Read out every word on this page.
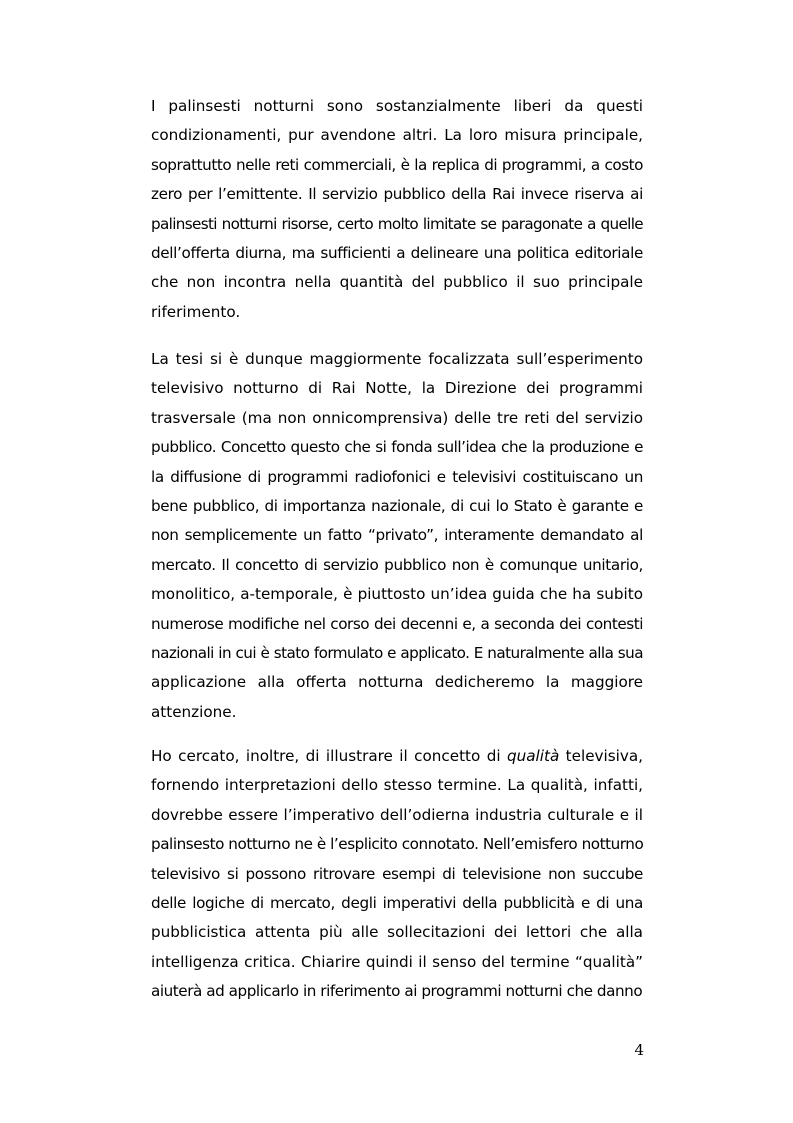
I palinsesti notturni sono sostanzialmente liberi da questi
condizionamenti, pur avendone altri. La loro misura principale,
soprattutto nelle reti commerciali, è la replica di programmi, a costo
zero per l’emittente. Il servizio pubblico della Rai invece riserva ai
palinsesti notturni risorse, certo molto limitate se paragonate a quelle
dell’offerta diurna, ma sufficienti a delineare una politica editoriale
che non incontra nella quantità del pubblico il suo principale
riferimento.
La tesi si è dunque maggiormente focalizzata sull’esperimento
televisivo notturno di Rai Notte, la Direzione dei programmi
trasversale (ma non onnicomprensiva) delle tre reti del servizio
pubblico. Concetto questo che si fonda sull’idea che la produzione e
la diffusione di programmi radiofonici e televisivi costituiscano un
bene pubblico, di importanza nazionale, di cui lo Stato è garante e
non semplicemente un fatto “privato”, interamente demandato al
mercato. Il concetto di servizio pubblico non è comunque unitario,
monolitico, a-temporale, è piuttosto un’idea guida che ha subito
numerose modifiche nel corso dei decenni e, a seconda dei contesti
nazionali in cui è stato formulato e applicato. E naturalmente alla sua
applicazione alla offerta notturna dedicheremo la maggiore
attenzione.
Ho cercato, inoltre, di illustrare il concetto di qualità televisiva,
fornendo interpretazioni dello stesso termine. La qualità, infatti,
dovrebbe essere l’imperativo dell’odierna industria culturale e il
palinsesto notturno ne è l’esplicito connotato. Nell’emisfero notturno
televisivo si possono ritrovare esempi di televisione non succube
delle logiche di mercato, degli imperativi della pubblicità e di una
pubblicistica attenta più alle sollecitazioni dei lettori che alla
intelligenza critica. Chiarire quindi il senso del termine “qualità”
aiuterà ad applicarlo in riferimento ai programmi notturni che danno
4
